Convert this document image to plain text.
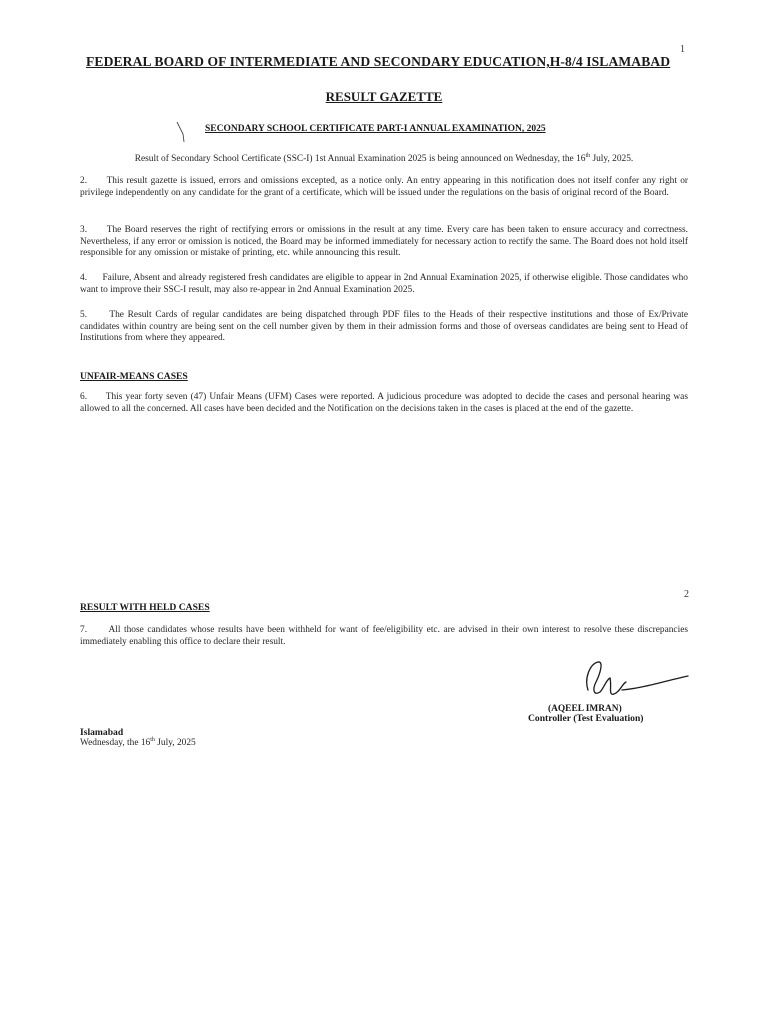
1
FEDERAL BOARD OF INTERMEDIATE AND SECONDARY EDUCATION,H-8/4 ISLAMABAD
RESULT GAZETTE
SECONDARY SCHOOL CERTIFICATE PART-I ANNUAL EXAMINATION, 2025
Result of Secondary School Certificate (SSC-I) 1st Annual Examination 2025 is being announced on Wednesday, the 16th July, 2025.
2. This result gazette is issued, errors and omissions excepted, as a notice only. An entry appearing in this notification does not itself confer any right or privilege independently on any candidate for the grant of a certificate, which will be issued under the regulations on the basis of original record of the Board.
3. The Board reserves the right of rectifying errors or omissions in the result at any time. Every care has been taken to ensure accuracy and correctness. Nevertheless, if any error or omission is noticed, the Board may be informed immediately for necessary action to rectify the same. The Board does not hold itself responsible for any omission or mistake of printing, etc. while announcing this result.
4. Failure, Absent and already registered fresh candidates are eligible to appear in 2nd Annual Examination 2025, if otherwise eligible. Those candidates who want to improve their SSC-I result, may also re-appear in 2nd Annual Examination 2025.
5. The Result Cards of regular candidates are being dispatched through PDF files to the Heads of their respective institutions and those of Ex/Private candidates within country are being sent on the cell number given by them in their admission forms and those of overseas candidates are being sent to Head of Institutions from where they appeared.
UNFAIR-MEANS CASES
6. This year forty seven (47) Unfair Means (UFM) Cases were reported. A judicious procedure was adopted to decide the cases and personal hearing was allowed to all the concerned. All cases have been decided and the Notification on the decisions taken in the cases is placed at the end of the gazette.
2
RESULT WITH HELD CASES
7. All those candidates whose results have been withheld for want of fee/eligibility etc. are advised in their own interest to resolve these discrepancies immediately enabling this office to declare their result.
(AQEEL IMRAN)
Controller (Test Evaluation)
Islamabad
Wednesday, the 16th July, 2025
